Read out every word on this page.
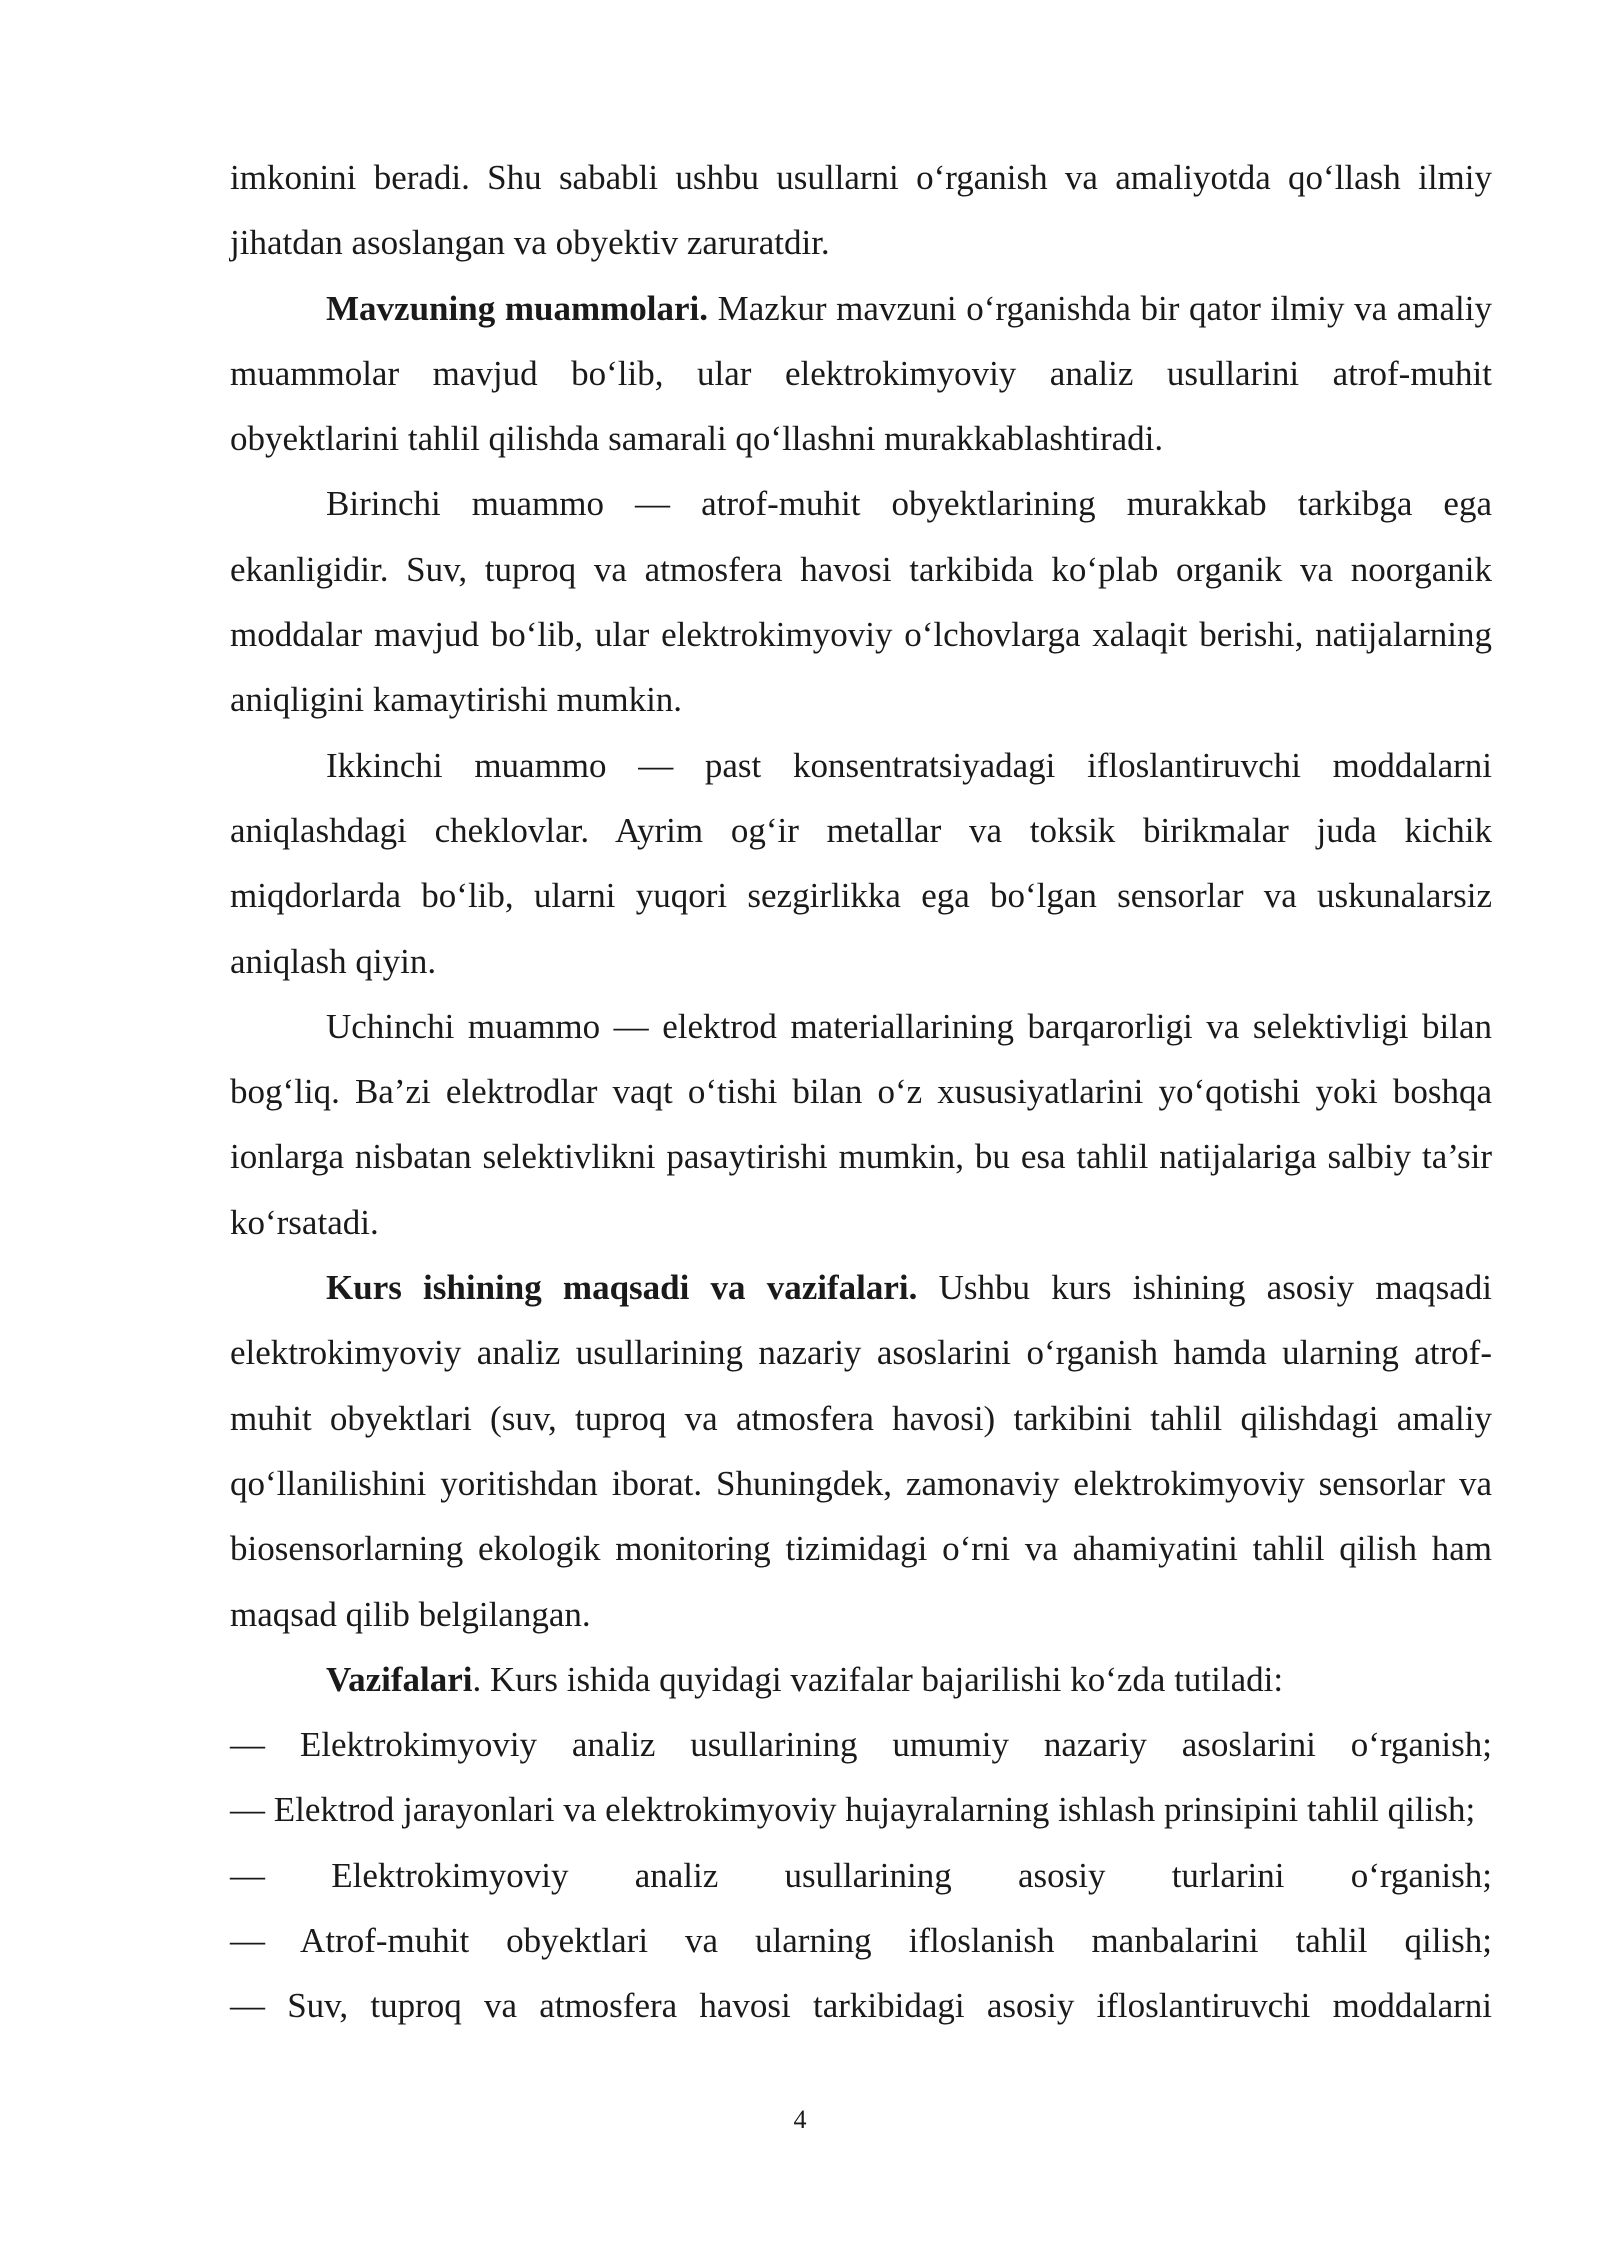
imkonini beradi. Shu sababli ushbu usullarni o‘rganish va amaliyotda qo‘llash ilmiy jihatdan asoslangan va obyektiv zaruratdir.

Mavzuning muammolari. Mazkur mavzuni o‘rganishda bir qator ilmiy va amaliy muammolar mavjud bo‘lib, ular elektrokimyoviy analiz usullarini atrof-muhit obyektlarini tahlil qilishda samarali qo‘llashni murakkablashtiradi.

Birinchi muammo — atrof-muhit obyektlarining murakkab tarkibga ega ekanligidir. Suv, tuproq va atmosfera havosi tarkibida ko‘plab organik va noorganik moddalar mavjud bo‘lib, ular elektrokimyoviy o‘lchovlarga xalaqit berishi, natijalarning aniqligini kamaytirishi mumkin.

Ikkinchi muammo — past konsentratsiyadagi ifloslantiruvchi moddalarni aniqlashdagi cheklovlar. Ayrim og‘ir metallar va toksik birikmalar juda kichik miqdorlarda bo‘lib, ularni yuqori sezgirlikka ega bo‘lgan sensorlar va uskunalarsiz aniqlash qiyin.

Uchinchi muammo — elektrod materiallarining barqarorligi va selektivligi bilan bog‘liq. Ba’zi elektrodlar vaqt o‘tishi bilan o‘z xususiyatlarini yo‘qotishi yoki boshqa ionlarga nisbatan selektivlikni pasaytirishi mumkin, bu esa tahlil natijalariga salbiy ta’sir ko‘rsatadi.

Kurs ishining maqsadi va vazifalari. Ushbu kurs ishining asosiy maqsadi elektrokimyoviy analiz usullarining nazariy asoslarini o‘rganish hamda ularning atrof-muhit obyektlari (suv, tuproq va atmosfera havosi) tarkibini tahlil qilishdagi amaliy qo‘llanilishini yoritishdan iborat. Shuningdek, zamonaviy elektrokimyoviy sensorlar va biosensorlarning ekologik monitoring tizimidagi o‘rni va ahamiyatini tahlil qilish ham maqsad qilib belgilangan.

Vazifalari. Kurs ishida quyidagi vazifalar bajarilishi ko‘zda tutiladi:

— Elektrokimyoviy analiz usullarining umumiy nazariy asoslarini o‘rganish;

— Elektrod jarayonlari va elektrokimyoviy hujayralarning ishlash prinsipini tahlil qilish;

— Elektrokimyoviy analiz usullarining asosiy turlarini o‘rganish;

— Atrof-muhit obyektlari va ularning ifloslanish manbalarini tahlil qilish;

— Suv, tuproq va atmosfera havosi tarkibidagi asosiy ifloslantiruvchi moddalarni

4
